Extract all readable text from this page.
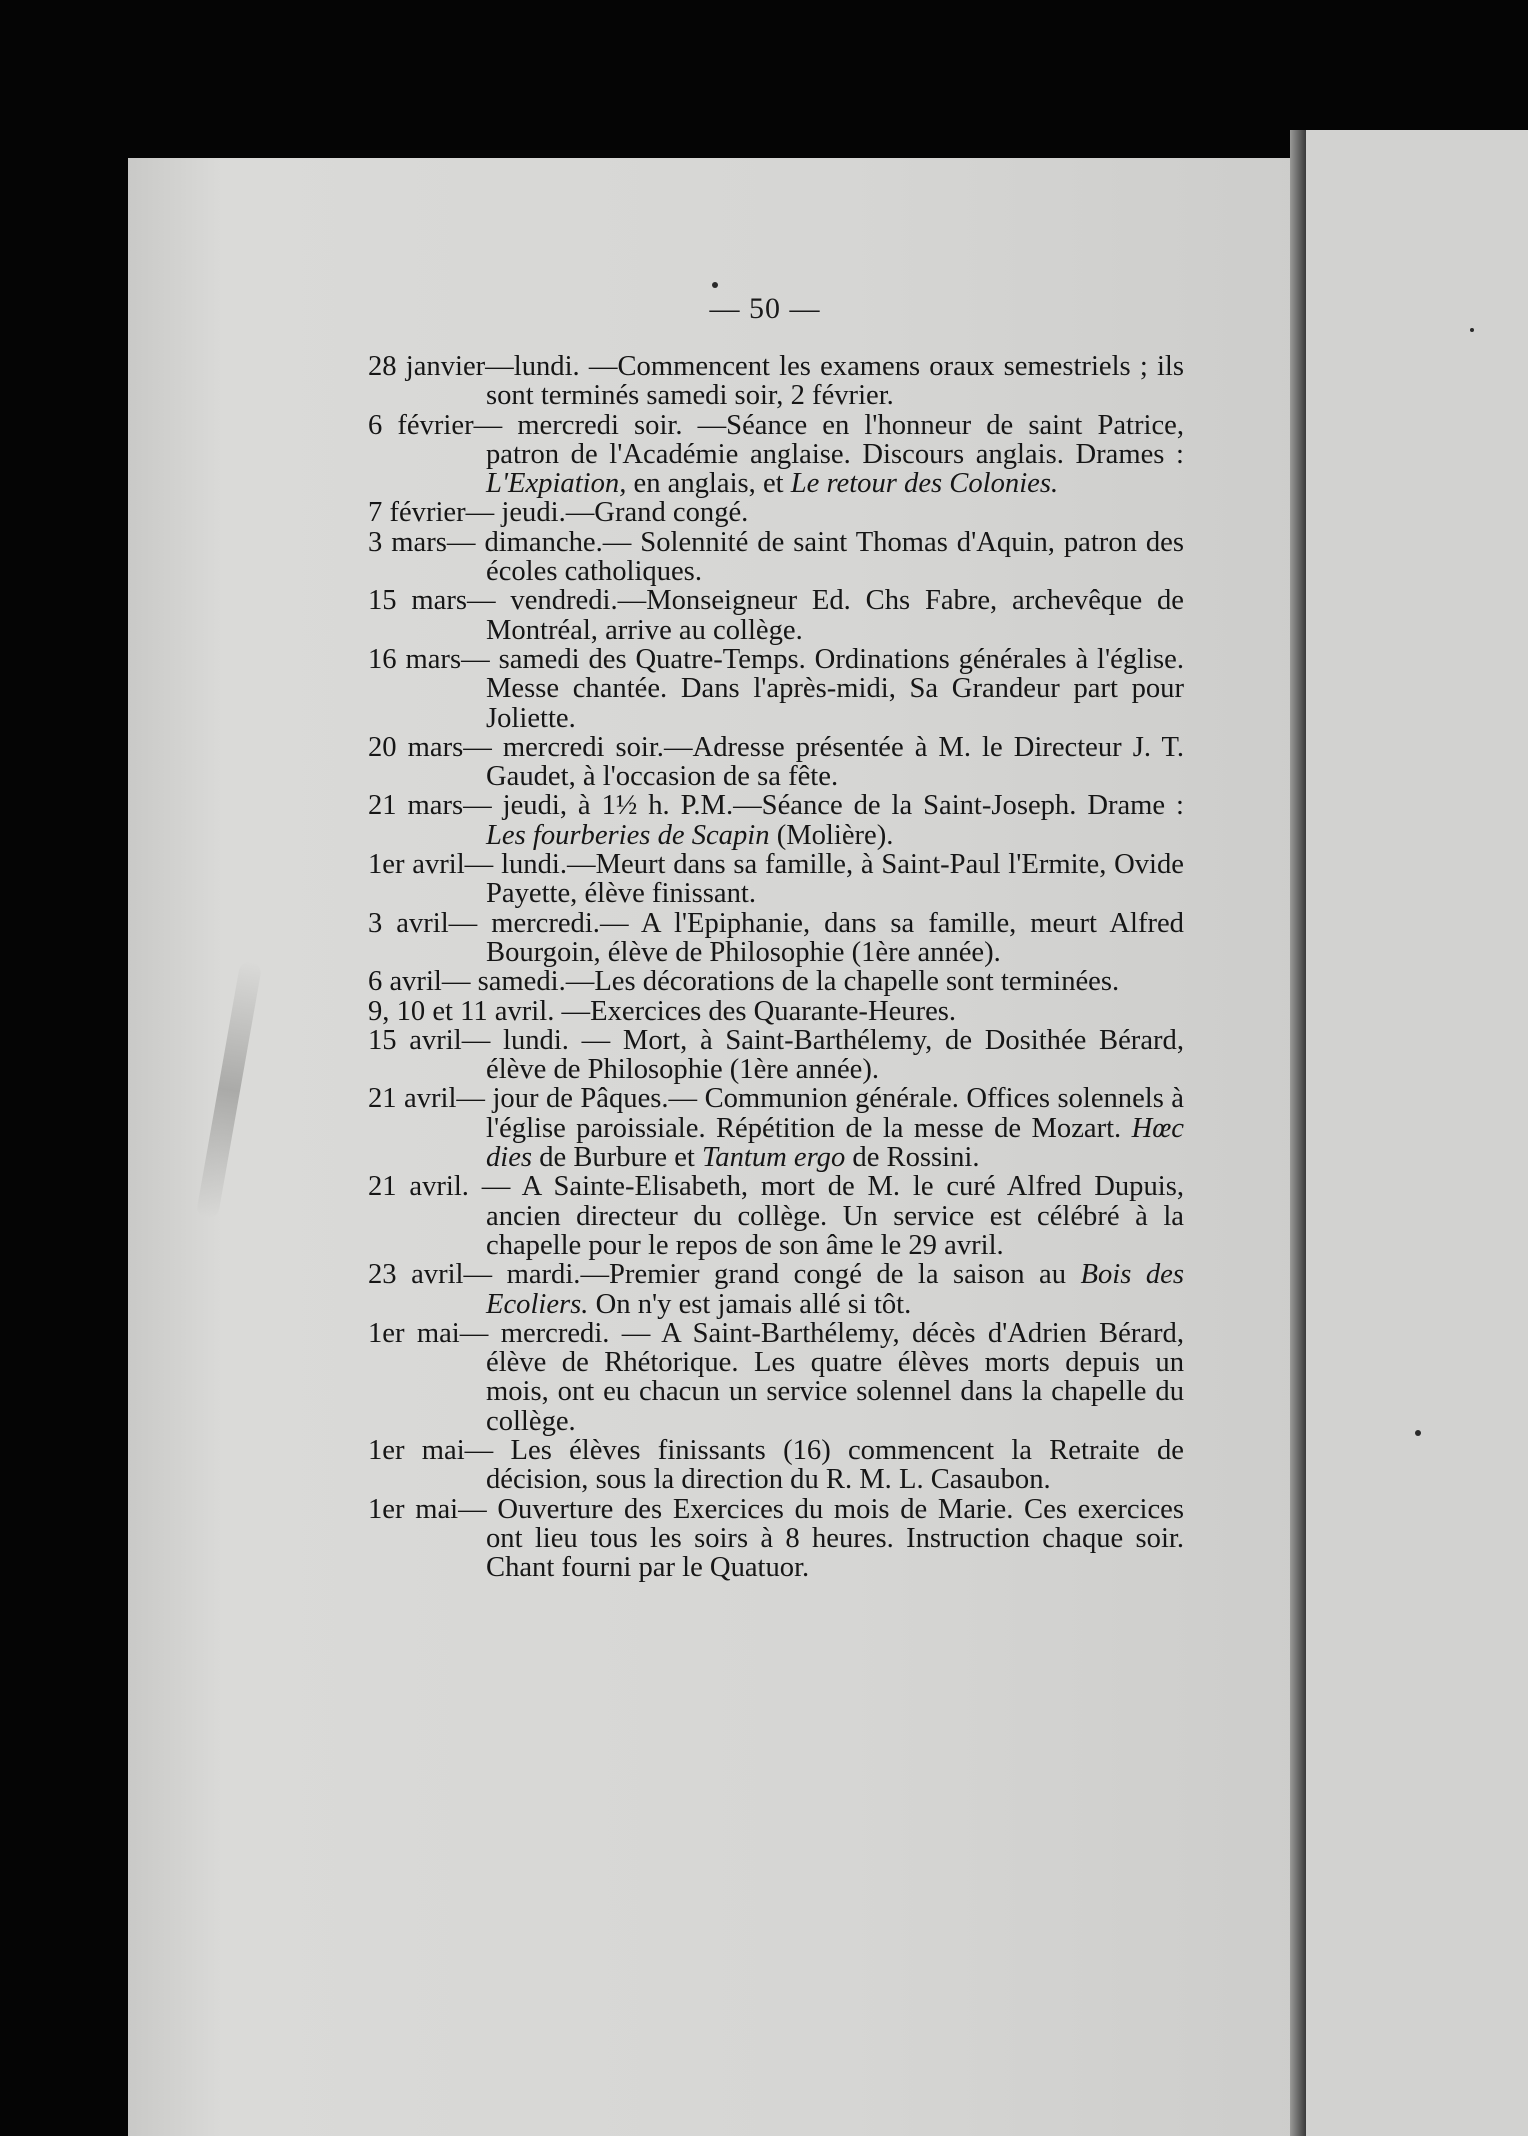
— 50 —
28 janvier—lundi. —Commencent les examens oraux semestriels ; ils sont terminés samedi soir, 2 février.
6 février— mercredi soir. —Séance en l'honneur de saint Patrice, patron de l'Académie anglaise. Discours anglais. Drames : L'Expiation, en anglais, et Le retour des Colonies.
7 février— jeudi.—Grand congé.
3 mars— dimanche.— Solennité de saint Thomas d'Aquin, patron des écoles catholiques.
15 mars— vendredi.—Monseigneur Ed. Chs Fabre, archevêque de Montréal, arrive au collège.
16 mars— samedi des Quatre-Temps. Ordinations générales à l'église. Messe chantée. Dans l'après-midi, Sa Grandeur part pour Joliette.
20 mars— mercredi soir.—Adresse présentée à M. le Directeur J. T. Gaudet, à l'occasion de sa fête.
21 mars— jeudi, à 1½ h. P.M.—Séance de la Saint-Joseph. Drame : Les fourberies de Scapin (Molière).
1er avril— lundi.—Meurt dans sa famille, à Saint-Paul l'Ermite, Ovide Payette, élève finissant.
3 avril— mercredi.— A l'Epiphanie, dans sa famille, meurt Alfred Bourgoin, élève de Philosophie (1ère année).
6 avril— samedi.—Les décorations de la chapelle sont terminées.
9, 10 et 11 avril. —Exercices des Quarante-Heures.
15 avril— lundi. — Mort, à Saint-Barthélemy, de Dosithée Bérard, élève de Philosophie (1ère année).
21 avril— jour de Pâques.— Communion générale. Offices solennels à l'église paroissiale. Répétition de la messe de Mozart. Hœc dies de Burbure et Tantum ergo de Rossini.
21 avril. — A Sainte-Elisabeth, mort de M. le curé Alfred Dupuis, ancien directeur du collège. Un service est célébré à la chapelle pour le repos de son âme le 29 avril.
23 avril— mardi.—Premier grand congé de la saison au Bois des Ecoliers. On n'y est jamais allé si tôt.
1er mai— mercredi. — A Saint-Barthélemy, décès d'Adrien Bérard, élève de Rhétorique. Les quatre élèves morts depuis un mois, ont eu chacun un service solennel dans la chapelle du collège.
1er mai— Les élèves finissants (16) commencent la Retraite de décision, sous la direction du R. M. L. Casaubon.
1er mai— Ouverture des Exercices du mois de Marie. Ces exercices ont lieu tous les soirs à 8 heures. Instruction chaque soir. Chant fourni par le Quatuor.
